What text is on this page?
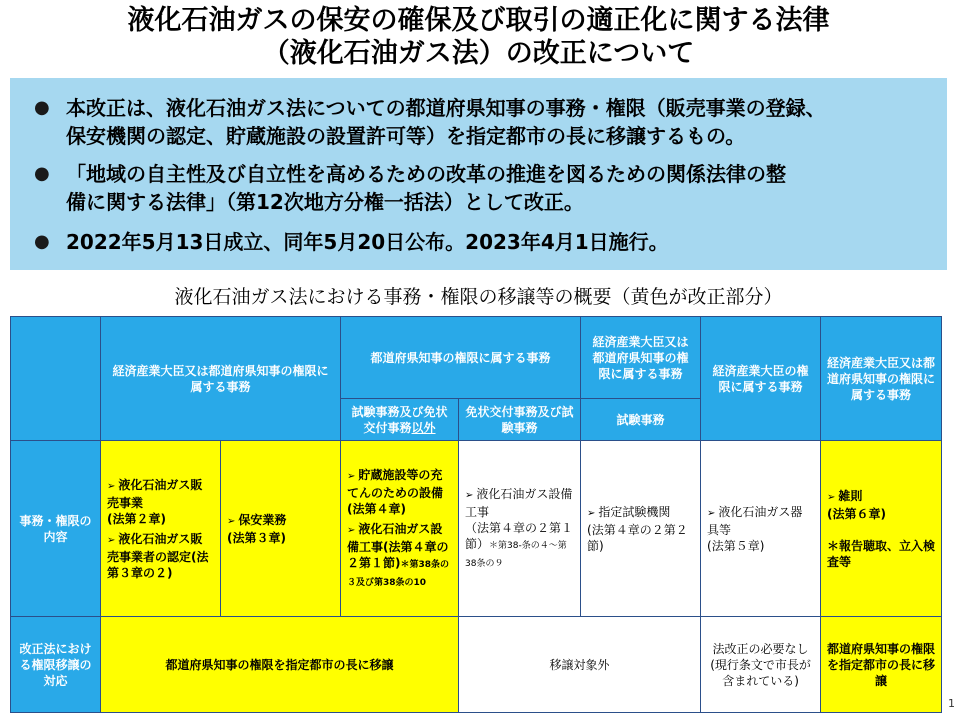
液化石油ガスの保安の確保及び取引の適正化に関する法律
（液化石油ガス法）の改正について
● 本改正は、液化石油ガス法についての都道府県知事の事務・権限（販売事業の登録、
保安機関の認定、貯蔵施設の設置許可等）を指定都市の長に移譲するもの。
● 「地域の自主性及び自立性を高めるための改革の推進を図るための関係法律の整
備に関する法律」（第12次地方分権一括法）として改正。
● 2022年5月13日成立、同年5月20日公布。2023年4月1日施行。
液化石油ガス法における事務・権限の移譲等の概要（黄色が改正部分）
	経済産業大臣又は都道府県知事の権限に属する事務		都道府県知事の権限に属する事務		経済産業大臣又は都道府県知事の権限に属する事務	経済産業大臣の権限に属する事務	経済産業大臣又は都道府県知事の権限に属する事務
			試験事務及び免状交付事務以外	免状交付事務及び試験事務	試験事務		
事務・権限の内容	➢ 液化石油ガス販売事業
(法第２章)
➢ 液化石油ガス販売事業者の認定(法第３章の２)	➢ 保安業務
(法第３章)	➢ 貯蔵施設等の充てんのための設備
(法第４章)
➢ 液化石油ガス設備工事(法第４章の２第１節)＊第38条の３及び第38条の10	➢ 液化石油ガス設備工事
（法第４章の２第１節）＊第38-条の４～第38条の９	➢ 指定試験機関
(法第４章の２第２節)	➢ 液化石油ガス器具等
(法第５章)	➢ 雑則
(法第６章)

＊報告聴取、立入検査等
改正法における権限移譲の対応	都道府県知事の権限を指定都市の長に移譲			移譲対象外		法改正の必要なし(現行条文で市長が含まれている)	都道府県知事の権限を指定都市の長に移譲
1
